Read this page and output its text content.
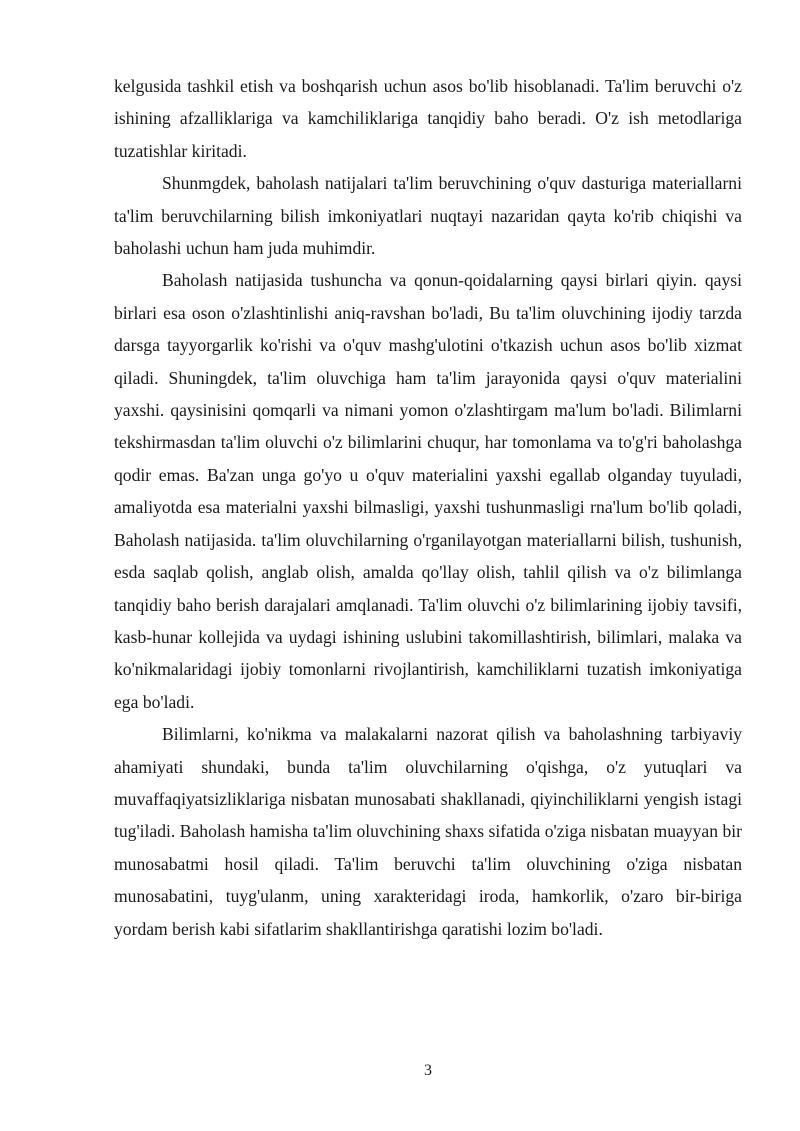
kelgusida tashkil etish va boshqarish uchun asos bo'lib hisoblanadi. Ta'lim beruvchi o'z ishining afzalliklariga va kamchiliklariga tanqidiy baho beradi. O'z ish metodlariga tuzatishlar kiritadi.

Shunmgdek, baholash natijalari ta'lim beruvchining o'quv dasturiga materiallarni ta'lim beruvchilarning bilish imkoniyatlari nuqtayi nazaridan qayta ko'rib chiqishi va baholashi uchun ham juda muhimdir.

Baholash natijasida tushuncha va qonun-qoidalarning qaysi birlari qiyin. qaysi birlari esa oson o'zlashtinlishi aniq-ravshan bo'ladi, Bu ta'lim oluvchining ijodiy tarzda darsga tayyorgarlik ko'rishi va o'quv mashg'ulotini o'tkazish uchun asos bo'lib xizmat qiladi. Shuningdek, ta'lim oluvchiga ham ta'lim jarayonida qaysi o'quv materialini yaxshi. qaysinisini qomqarli va nimani yomon o'zlashtirgam ma'lum bo'ladi. Bilimlarni tekshirmasdan ta'lim oluvchi o'z bilimlarini chuqur, har tomonlama va to'g'ri baholashga qodir emas. Ba'zan unga go'yo u o'quv materialini yaxshi egallab olganday tuyuladi, amaliyotda esa materialni yaxshi bilmasligi, yaxshi tushunmasligi rna'lum bo'lib qoladi, Baholash natijasida. ta'lim oluvchilarning o'rganilayotgan materiallarni bilish, tushunish, esda saqlab qolish, anglab olish, amalda qo'llay olish, tahlil qilish va o'z bilimlanga tanqidiy baho berish darajalari amqlanadi. Ta'lim oluvchi o'z bilimlarining ijobiy tavsifi, kasb-hunar kollejida va uydagi ishining uslubini takomillashtirish, bilimlari, malaka va ko'nikmalaridagi ijobiy tomonlarni rivojlantirish, kamchiliklarni tuzatish imkoniyatiga ega bo'ladi.

Bilimlarni, ko'nikma va malakalarni nazorat qilish va baholashning tarbiyaviy ahamiyati shundaki, bunda ta'lim oluvchilarning o'qishga, o'z yutuqlari va muvaffaqiyatsizliklariga nisbatan munosabati shakllanadi, qiyinchiliklarni yengish istagi tug'iladi. Baholash hamisha ta'lim oluvchining shaxs sifatida o'ziga nisbatan muayyan bir munosabatmi hosil qiladi. Ta'lim beruvchi ta'lim oluvchining o'ziga nisbatan munosabatini, tuyg'ulanm, uning xarakteridagi iroda, hamkorlik, o'zaro bir-biriga yordam berish kabi sifatlarim shakllantirishga qaratishi lozim bo'ladi.

3
